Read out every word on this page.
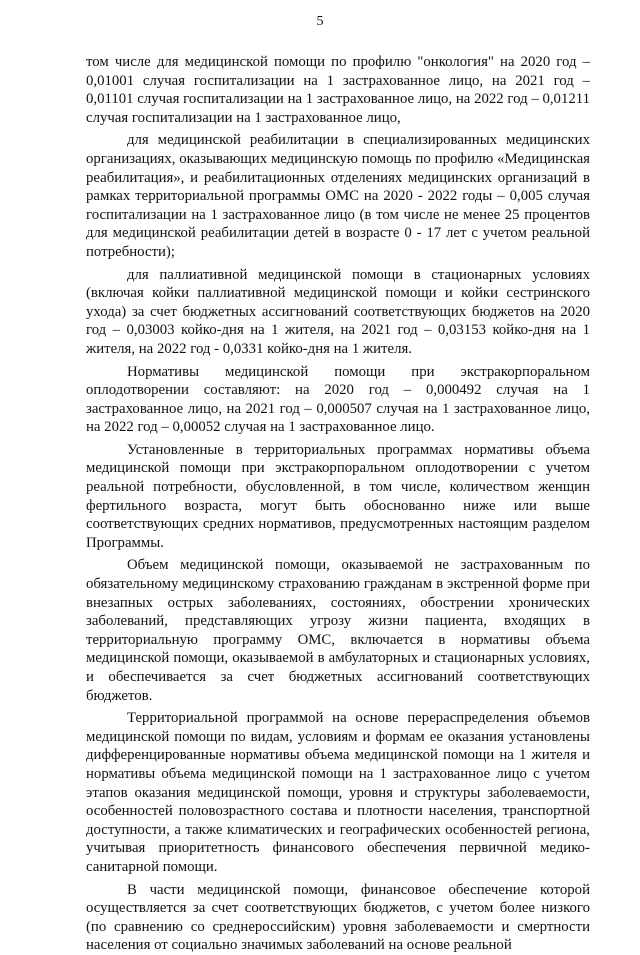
5

том числе для медицинской помощи по профилю "онкология" на 2020 год – 0,01001 случая госпитализации на 1 застрахованное лицо, на 2021 год – 0,01101 случая госпитализации на 1 застрахованное лицо, на 2022 год – 0,01211 случая госпитализации на 1 застрахованное лицо,

для медицинской реабилитации в специализированных медицинских организациях, оказывающих медицинскую помощь по профилю «Медицинская реабилитация», и реабилитационных отделениях медицинских организаций в рамках территориальной программы ОМС на 2020 - 2022 годы – 0,005 случая госпитализации на 1 застрахованное лицо (в том числе не менее 25 процентов для медицинской реабилитации детей в возрасте 0 - 17 лет с учетом реальной потребности);

для паллиативной медицинской помощи в стационарных условиях (включая койки паллиативной медицинской помощи и койки сестринского ухода) за счет бюджетных ассигнований соответствующих бюджетов на 2020 год – 0,03003 койко-дня на 1 жителя, на 2021 год – 0,03153 койко-дня на 1 жителя, на 2022 год - 0,0331 койко-дня на 1 жителя.

Нормативы медицинской помощи при экстракорпоральном оплодотворении составляют: на 2020 год – 0,000492 случая на 1 застрахованное лицо, на 2021 год – 0,000507 случая на 1 застрахованное лицо, на 2022 год – 0,00052 случая на 1 застрахованное лицо.

Установленные в территориальных программах нормативы объема медицинской помощи при экстракорпоральном оплодотворении с учетом реальной потребности, обусловленной, в том числе, количеством женщин фертильного возраста, могут быть обоснованно ниже или выше соответствующих средних нормативов, предусмотренных настоящим разделом Программы.

Объем медицинской помощи, оказываемой не застрахованным по обязательному медицинскому страхованию гражданам в экстренной форме при внезапных острых заболеваниях, состояниях, обострении хронических заболеваний, представляющих угрозу жизни пациента, входящих в территориальную программу ОМС, включается в нормативы объема медицинской помощи, оказываемой в амбулаторных и стационарных условиях, и обеспечивается за счет бюджетных ассигнований соответствующих бюджетов.

Территориальной программой на основе перераспределения объемов медицинской помощи по видам, условиям и формам ее оказания установлены дифференцированные нормативы объема медицинской помощи на 1 жителя и нормативы объема медицинской помощи на 1 застрахованное лицо с учетом этапов оказания медицинской помощи, уровня и структуры заболеваемости, особенностей половозрастного состава и плотности населения, транспортной доступности, а также климатических и географических особенностей региона, учитывая приоритетность финансового обеспечения первичной медико-санитарной помощи.

В части медицинской помощи, финансовое обеспечение которой осуществляется за счет соответствующих бюджетов, с учетом более низкого (по сравнению со среднероссийским) уровня заболеваемости и смертности населения от социально значимых заболеваний на основе реальной
